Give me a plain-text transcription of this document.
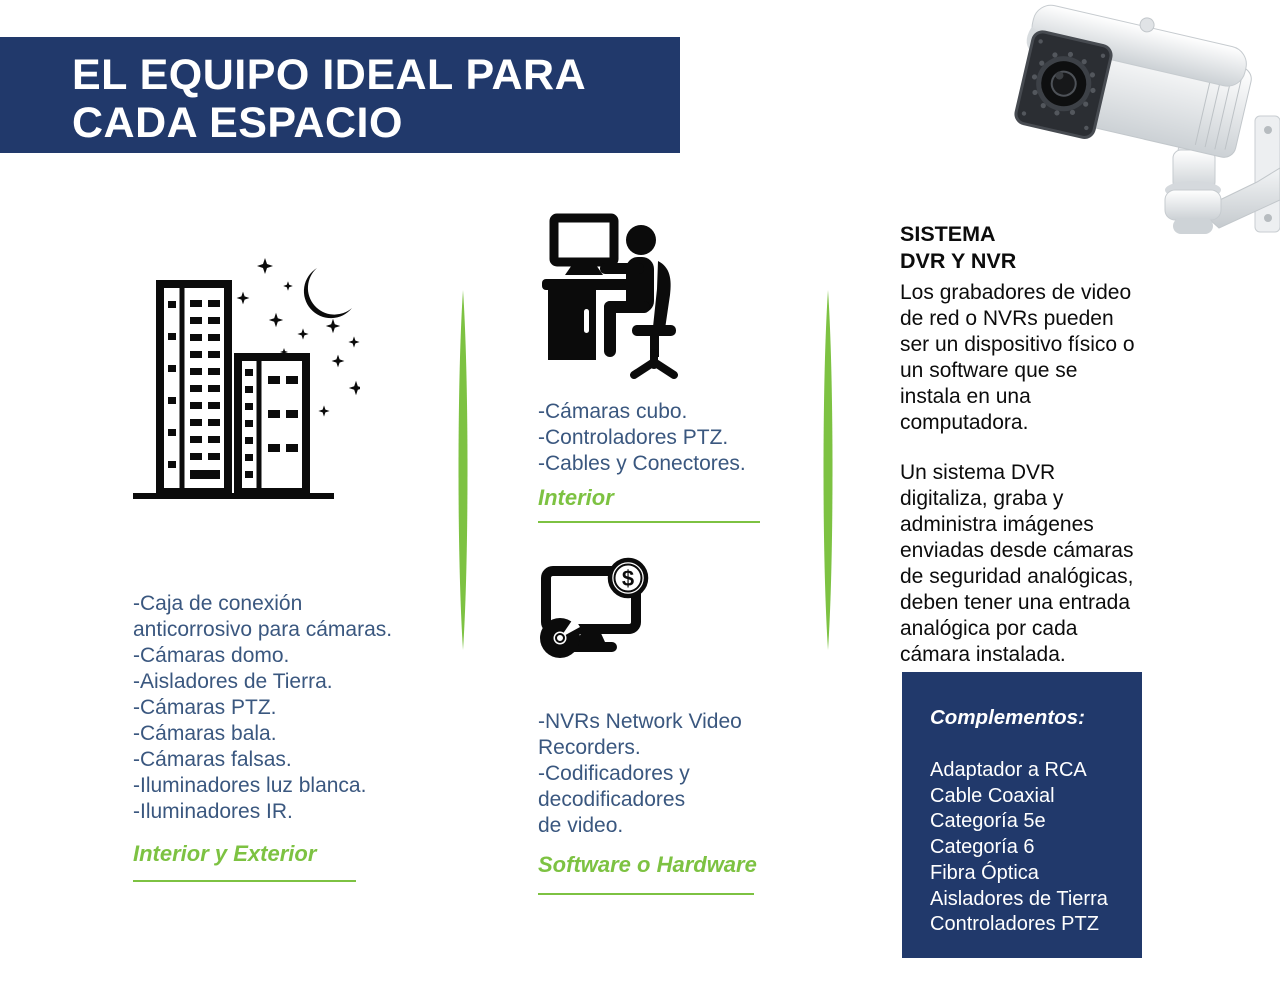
EL EQUIPO IDEAL PARA
CADA ESPACIO
-Caja de conexión
anticorrosivo para cámaras.
-Cámaras domo.
-Aisladores de Tierra.
-Cámaras PTZ.
-Cámaras bala.
-Cámaras falsas.
-Iluminadores luz blanca.
-Iluminadores IR.
Interior y Exterior
-Cámaras cubo.
-Controladores PTZ.
-Cables y Conectores.
Interior
$
-NVRs Network Video
Recorders.
-Codificadores y
decodificadores
de video.
Software o Hardware
SISTEMA
DVR Y NVR
Los grabadores de video
de red o NVRs pueden
ser un dispositivo físico o
un software que se
instala en una
computadora.
Un sistema DVR
digitaliza, graba y
administra imágenes
enviadas desde cámaras
de seguridad analógicas,
deben tener una entrada
analógica por cada
cámara instalada.
Complementos:
Adaptador a RCA
Cable Coaxial
Categoría 5e
Categoría 6
Fibra Óptica
Aisladores de Tierra
Controladores PTZ
